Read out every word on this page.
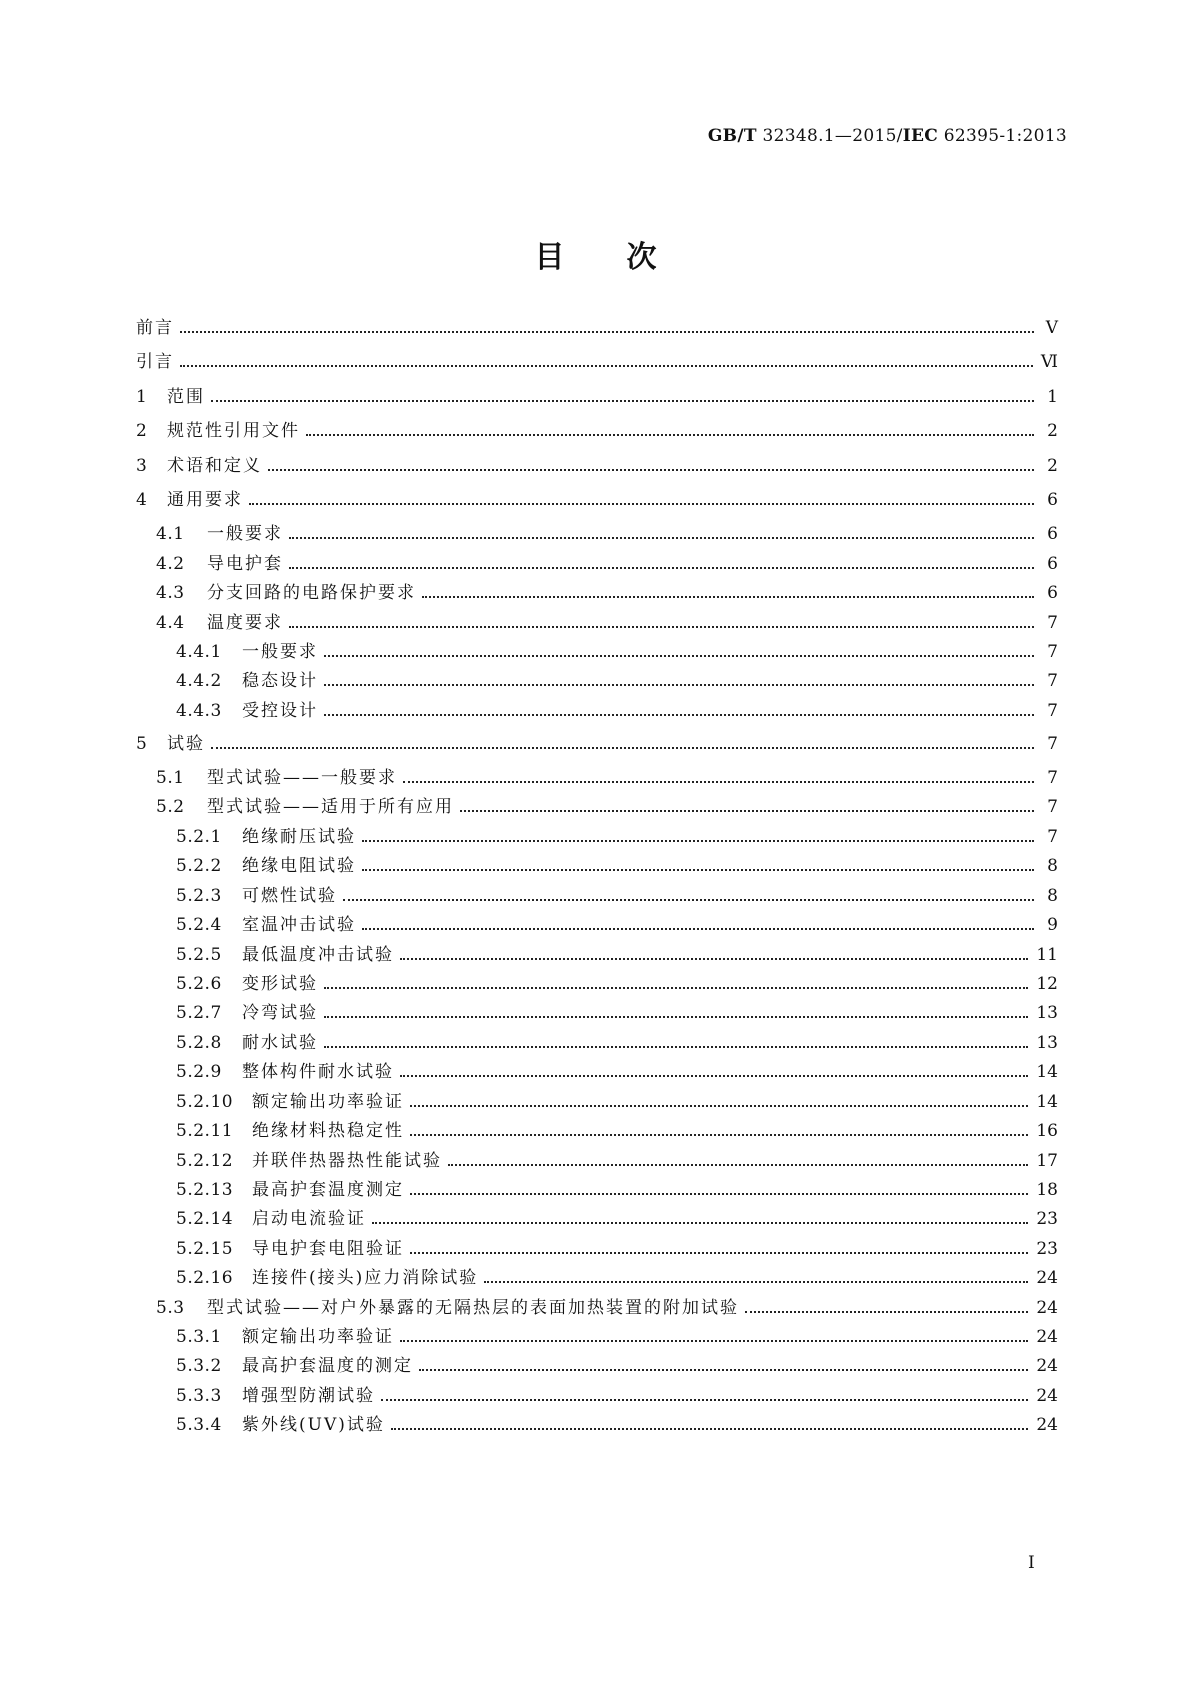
GB/T 32348.1—2015/IEC 62395-1:2013
目次
前言	Ⅴ
引言	Ⅵ
1	范围	1
2	规范性引用文件	2
3	术语和定义	2
4	通用要求	6
4.1	一般要求	6
4.2	导电护套	6
4.3	分支回路的电路保护要求	6
4.4	温度要求	7
4.4.1	一般要求	7
4.4.2	稳态设计	7
4.4.3	受控设计	7
5	试验	7
5.1	型式试验——一般要求	7
5.2	型式试验——适用于所有应用	7
5.2.1	绝缘耐压试验	7
5.2.2	绝缘电阻试验	8
5.2.3	可燃性试验	8
5.2.4	室温冲击试验	9
5.2.5	最低温度冲击试验	11
5.2.6	变形试验	12
5.2.7	冷弯试验	13
5.2.8	耐水试验	13
5.2.9	整体构件耐水试验	14
5.2.10	额定输出功率验证	14
5.2.11	绝缘材料热稳定性	16
5.2.12	并联伴热器热性能试验	17
5.2.13	最高护套温度测定	18
5.2.14	启动电流验证	23
5.2.15	导电护套电阻验证	23
5.2.16	连接件(接头)应力消除试验	24
5.3	型式试验——对户外暴露的无隔热层的表面加热装置的附加试验	24
5.3.1	额定输出功率验证	24
5.3.2	最高护套温度的测定	24
5.3.3	增强型防潮试验	24
5.3.4	紫外线(UV)试验	24
Ⅰ
